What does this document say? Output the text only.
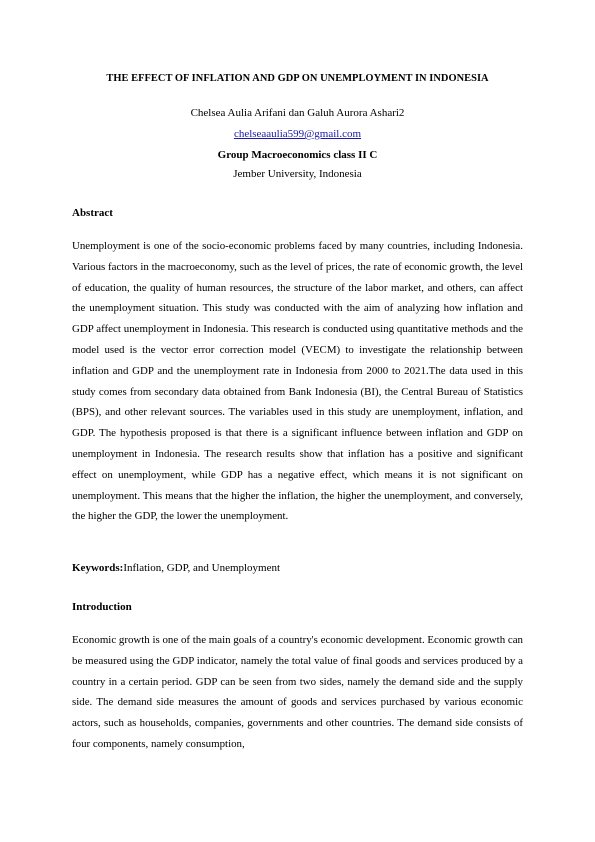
THE EFFECT OF INFLATION AND GDP ON UNEMPLOYMENT IN INDONESIA
Chelsea Aulia Arifani dan Galuh Aurora Ashari2
chelseaaulia599@gmail.com
Group Macroeconomics class II C
Jember University, Indonesia
Abstract

Unemployment is one of the socio-economic problems faced by many countries, including Indonesia. Various factors in the macroeconomy, such as the level of prices, the rate of economic growth, the level of education, the quality of human resources, the structure of the labor market, and others, can affect the unemployment situation. This study was conducted with the aim of analyzing how inflation and GDP affect unemployment in Indonesia. This research is conducted using quantitative methods and the model used is the vector error correction model (VECM) to investigate the relationship between inflation and GDP and the unemployment rate in Indonesia from 2000 to 2021.The data used in this study comes from secondary data obtained from Bank Indonesia (BI), the Central Bureau of Statistics (BPS), and other relevant sources. The variables used in this study are unemployment, inflation, and GDP. The hypothesis proposed is that there is a significant influence between inflation and GDP on unemployment in Indonesia. The research results show that inflation has a positive and significant effect on unemployment, while GDP has a negative effect, which means it is not significant on unemployment. This means that the higher the inflation, the higher the unemployment, and conversely, the higher the GDP, the lower the unemployment.

Keywords:Inflation, GDP, and Unemployment
Introduction

Economic growth is one of the main goals of a country's economic development. Economic growth can be measured using the GDP indicator, namely the total value of final goods and services produced by a country in a certain period. GDP can be seen from two sides, namely the demand side and the supply side. The demand side measures the amount of goods and services purchased by various economic actors, such as households, companies, governments and other countries. The demand side consists of four components, namely consumption,
